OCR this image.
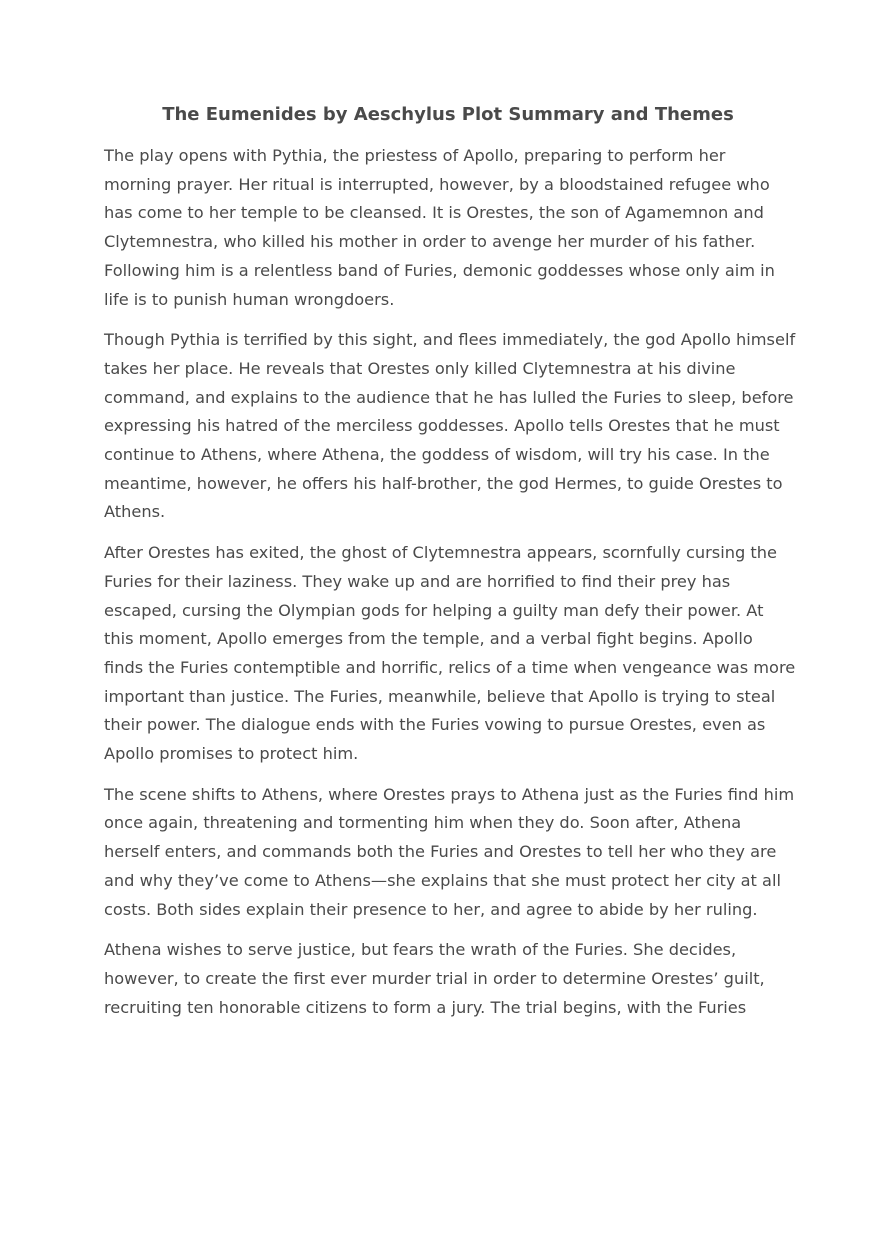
The Eumenides by Aeschylus Plot Summary and Themes

The play opens with Pythia, the priestess of Apollo, preparing to perform her morning prayer. Her ritual is interrupted, however, by a bloodstained refugee who has come to her temple to be cleansed. It is Orestes, the son of Agamemnon and Clytemnestra, who killed his mother in order to avenge her murder of his father. Following him is a relentless band of Furies, demonic goddesses whose only aim in life is to punish human wrongdoers.

Though Pythia is terrified by this sight, and flees immediately, the god Apollo himself takes her place. He reveals that Orestes only killed Clytemnestra at his divine command, and explains to the audience that he has lulled the Furies to sleep, before expressing his hatred of the merciless goddesses. Apollo tells Orestes that he must continue to Athens, where Athena, the goddess of wisdom, will try his case. In the meantime, however, he offers his half-brother, the god Hermes, to guide Orestes to Athens.

After Orestes has exited, the ghost of Clytemnestra appears, scornfully cursing the Furies for their laziness. They wake up and are horrified to find their prey has escaped, cursing the Olympian gods for helping a guilty man defy their power. At this moment, Apollo emerges from the temple, and a verbal fight begins. Apollo finds the Furies contemptible and horrific, relics of a time when vengeance was more important than justice. The Furies, meanwhile, believe that Apollo is trying to steal their power. The dialogue ends with the Furies vowing to pursue Orestes, even as Apollo promises to protect him.

The scene shifts to Athens, where Orestes prays to Athena just as the Furies find him once again, threatening and tormenting him when they do. Soon after, Athena herself enters, and commands both the Furies and Orestes to tell her who they are and why they’ve come to Athens—she explains that she must protect her city at all costs. Both sides explain their presence to her, and agree to abide by her ruling.

Athena wishes to serve justice, but fears the wrath of the Furies. She decides, however, to create the first ever murder trial in order to determine Orestes’ guilt, recruiting ten honorable citizens to form a jury. The trial begins, with the Furies
